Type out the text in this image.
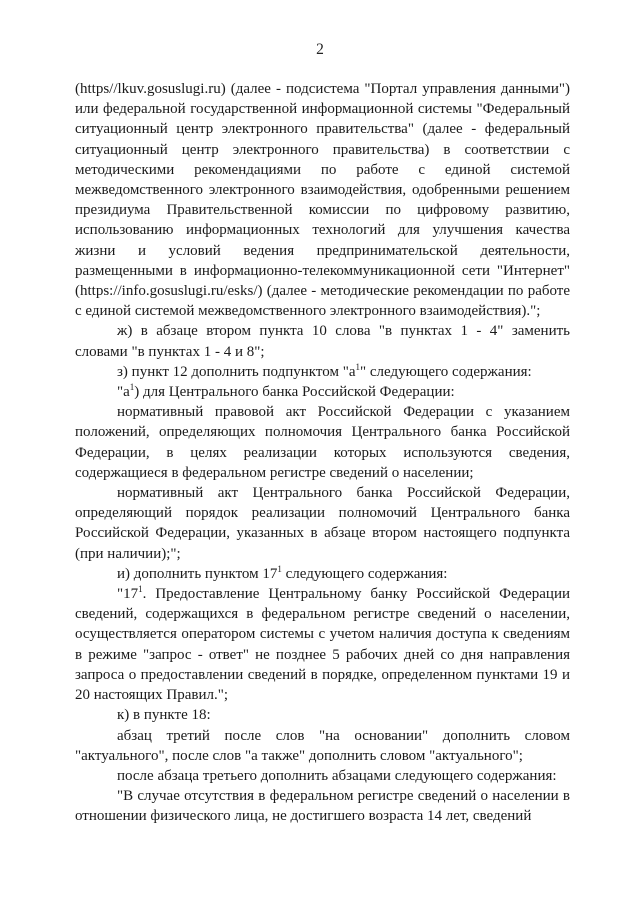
2

(https//lkuv.gosuslugi.ru) (далее - подсистема "Портал управления данными") или федеральной государственной информационной системы "Федеральный ситуационный центр электронного правительства" (далее - федеральный ситуационный центр электронного правительства) в соответствии с методическими рекомендациями по работе с единой системой межведомственного электронного взаимодействия, одобренными решением президиума Правительственной комиссии по цифровому развитию, использованию информационных технологий для улучшения качества жизни и условий ведения предпринимательской деятельности, размещенными в информационно-телекоммуникационной сети "Интернет" (https://info.gosuslugi.ru/esks/) (далее - методические рекомендации по работе с единой системой межведомственного электронного взаимодействия).";

ж) в абзаце втором пункта 10 слова "в пунктах 1 - 4" заменить словами "в пунктах 1 - 4 и 8";

з) пункт 12 дополнить подпунктом "$а^1$" следующего содержания:

"$а^1$) для Центрального банка Российской Федерации:

нормативный правовой акт Российской Федерации с указанием положений, определяющих полномочия Центрального банка Российской Федерации, в целях реализации которых используются сведения, содержащиеся в федеральном регистре сведений о населении;

нормативный акт Центрального банка Российской Федерации, определяющий порядок реализации полномочий Центрального банка Российской Федерации, указанных в абзаце втором настоящего подпункта (при наличии);";

и) дополнить пунктом $17^1$ следующего содержания:

"$17^1$. Предоставление Центральному банку Российской Федерации сведений, содержащихся в федеральном регистре сведений о населении, осуществляется оператором системы с учетом наличия доступа к сведениям в режиме "запрос - ответ" не позднее 5 рабочих дней со дня направления запроса о предоставлении сведений в порядке, определенном пунктами 19 и 20 настоящих Правил.";

к) в пункте 18:

абзац третий после слов "на основании" дополнить словом "актуального", после слов "а также" дополнить словом "актуального";

после абзаца третьего дополнить абзацами следующего содержания:

"В случае отсутствия в федеральном регистре сведений о населении в отношении физического лица, не достигшего возраста 14 лет, сведений
